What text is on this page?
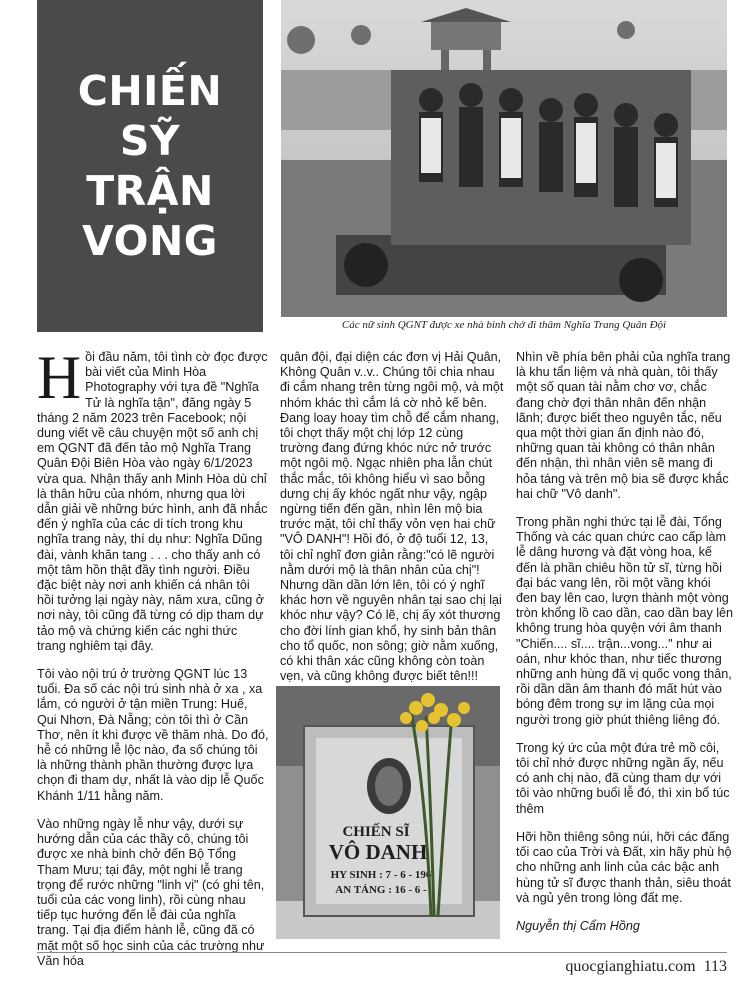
CHIẾN
SỸ
TRẬN
VONG
Các nữ sinh QGNT được xe nhà binh chở đi thăm Nghĩa Trang Quân Đội

Hồi đầu năm, tôi tình cờ đọc được bài viết của Minh Hòa Photography với tựa đề "Nghĩa Tử là nghĩa tận", đăng ngày 5 tháng 2 năm 2023 trên Facebook; nội dung viết về câu chuyện một số anh chị em QGNT đã đến tảo mộ Nghĩa Trang Quân Đội Biên Hòa vào ngày 6/1/2023 vừa qua. Nhận thấy anh Minh Hòa dù chỉ là thân hữu của nhóm, nhưng qua lời dẫn giải về những bức hình, anh đã nhắc đến ý nghĩa của các di tích trong khu nghĩa trang này, thí dụ như: Nghĩa Dũng đài, vành khăn tang . . . cho thấy anh có một tâm hồn thật đầy tình người. Điều đặc biệt này nơi anh khiến cá nhân tôi hồi tưởng lại ngày này, năm xưa, cũng ở nơi này, tôi cũng đã từng có dịp tham dự tảo mộ và chứng kiến các nghi thức trang nghiêm tại đây.

Tôi vào nội trú ở trường QGNT lúc 13 tuổi. Đa số các nội trú sinh nhà ở xa , xa lắm, có người ở tận miền Trung: Huế, Qui Nhơn, Đà Nẵng; còn tôi thì ở Cần Thơ, nên ít khi được về thăm nhà. Do đó, hễ có những lễ lộc nào, đa số chúng tôi là những thành phần thường được lựa chọn đi tham dự, nhất là vào dịp lễ Quốc Khánh 1/11 hằng năm.

Vào những ngày lễ như vậy, dưới sự hướng dẫn của các thầy cô, chúng tôi được xe nhà binh chở đến Bộ Tổng Tham Mưu; tại đây, một nghi lễ trang trọng để rước những "linh vị" (có ghi tên, tuổi của các vong linh), rồi cùng nhau tiếp tục hướng đến lễ đài của nghĩa trang. Tại địa điểm hành lễ, cũng đã có mặt một số học sinh của các trường như Văn hóa

quân đội, đại diện các đơn vị Hải Quân, Không Quân v..v.. Chúng tôi chia nhau đi cắm nhang trên từng ngôi mộ, và một nhóm khác thì cắm lá cờ nhỏ kế bên. Đang loay hoay tìm chỗ để cắm nhang, tôi chợt thấy một chị lớp 12 cùng trường đang đứng khóc nức nở trước một ngôi mộ. Ngạc nhiên pha lẫn chút thắc mắc, tôi không hiểu vì sao bỗng dưng chị ấy khóc ngất như vậy, ngập ngừng tiến đến gần, nhìn lên mộ bia trước mặt, tôi chỉ thấy vỏn vẹn hai chữ "VÔ DANH"! Hồi đó, ở độ tuổi 12, 13, tôi chỉ nghĩ đơn giản rằng:"có lẽ người nằm dưới mộ là thân nhân của chị"! Nhưng dần dần lớn lên, tôi có ý nghĩ khác hơn về nguyên nhân tại sao chị lại khóc như vậy? Có lẽ, chị ấy xót thương cho đời lính gian khổ, hy sinh bản thân cho tổ quốc, non sông; giờ nằm xuống, có khi thân xác cũng không còn toàn vẹn, và cũng không được biết tên!!!

CHIẾN SĨ
VÔ DANH
HY SINH : 7 - 6 - 196
AN TÁNG : 16 - 6 -

Nhìn về phía bên phải của nghĩa trang là khu tẩn liệm và nhà quàn, tôi thấy một số quan tài nằm chơ vơ, chắc đang chờ đợi thân nhân đến nhận lãnh; được biết theo nguyên tắc, nếu qua một thời gian ấn định nào đó, những quan tài không có thân nhân đến nhận, thì nhân viên sẽ mang đi hỏa táng và trên mộ bia sẽ được khắc hai chữ "Vô danh".

Trong phần nghi thức tại lễ đài, Tổng Thống và các quan chức cao cấp làm lễ dâng hương và đặt vòng hoa, kế đến là phần chiêu hồn tử sĩ, từng hồi đại bác vang lên, rồi một vầng khói đen bay lên cao, lượn thành một vòng tròn khổng lồ cao dần, cao dần bay lên không trung hòa quyện với âm thanh "Chiến.... sĩ.... trận...vong..." như ai oán, như khóc than, như tiếc thương những anh hùng đã vị quốc vong thân, rồi dần dần âm thanh đó mất hút vào bóng đêm trong sự im lặng của mọi người trong giờ phút thiêng liêng đó.

Trong ký ức của một đứa trẻ mồ côi, tôi chỉ nhớ được những ngần ấy, nếu có anh chị nào, đã cùng tham dự với tôi vào những buổi lễ đó, thì xin bổ túc thêm

Hỡi hồn thiêng sông núi, hỡi các đấng tối cao của Trời và Đất, xin hãy phù hộ cho những anh linh của các bậc anh hùng tử sĩ được thanh thản, siêu thoát và ngủ yên trong lòng đất mẹ.

Nguyễn thị Cẩm Hồng

quocgianghiatu.com 113
